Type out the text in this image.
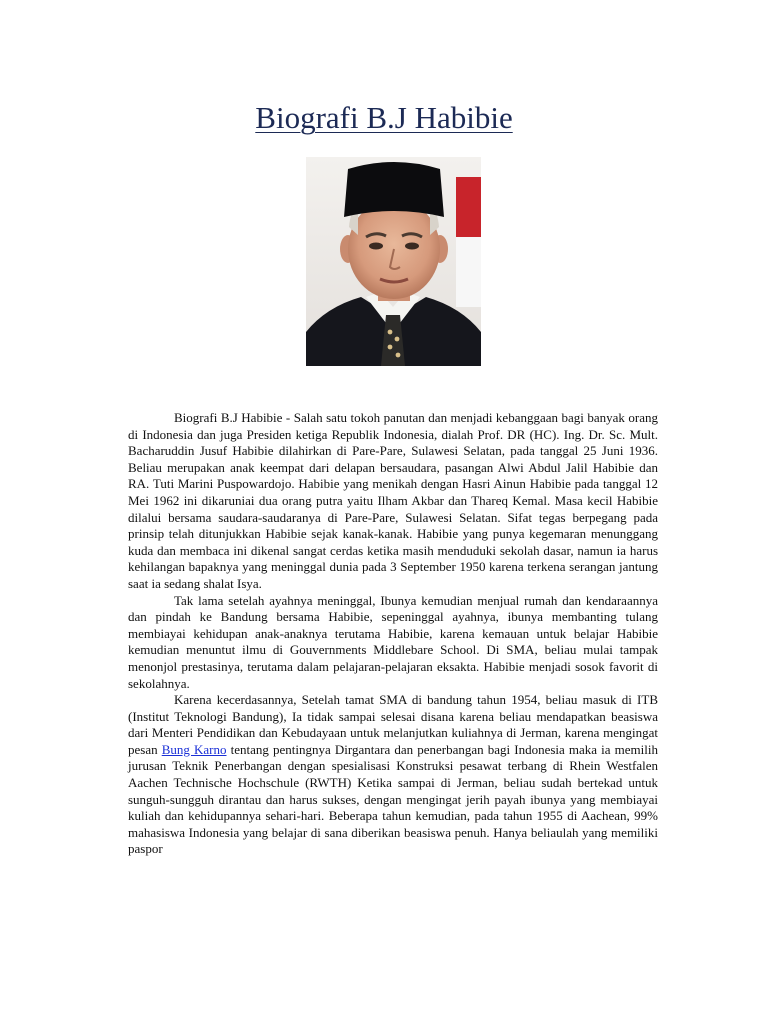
Biografi B.J Habibie

Biografi B.J Habibie - Salah satu tokoh panutan dan menjadi kebanggaan bagi banyak orang di Indonesia dan juga Presiden ketiga Republik Indonesia, dialah Prof. DR (HC). Ing. Dr. Sc. Mult. Bacharuddin Jusuf Habibie dilahirkan di Pare-Pare, Sulawesi Selatan, pada tanggal 25 Juni 1936. Beliau merupakan anak keempat dari delapan bersaudara, pasangan Alwi Abdul Jalil Habibie dan RA. Tuti Marini Puspowardojo. Habibie yang menikah dengan Hasri Ainun Habibie pada tanggal 12 Mei 1962 ini dikaruniai dua orang putra yaitu Ilham Akbar dan Thareq Kemal. Masa kecil Habibie dilalui bersama saudara-saudaranya di Pare-Pare, Sulawesi Selatan. Sifat tegas berpegang pada prinsip telah ditunjukkan Habibie sejak kanak-kanak. Habibie yang punya kegemaran menunggang kuda dan membaca ini dikenal sangat cerdas ketika masih menduduki sekolah dasar, namun ia harus kehilangan bapaknya yang meninggal dunia pada 3 September 1950 karena terkena serangan jantung saat ia sedang shalat Isya.

Tak lama setelah ayahnya meninggal, Ibunya kemudian menjual rumah dan kendaraannya dan pindah ke Bandung bersama Habibie, sepeninggal ayahnya, ibunya membanting tulang membiayai kehidupan anak-anaknya terutama Habibie, karena kemauan untuk belajar Habibie kemudian menuntut ilmu di Gouvernments Middlebare School. Di SMA, beliau mulai tampak menonjol prestasinya, terutama dalam pelajaran-pelajaran eksakta. Habibie menjadi sosok favorit di sekolahnya.

Karena kecerdasannya, Setelah tamat SMA di bandung tahun 1954, beliau masuk di ITB (Institut Teknologi Bandung), Ia tidak sampai selesai disana karena beliau mendapatkan beasiswa dari Menteri Pendidikan dan Kebudayaan untuk melanjutkan kuliahnya di Jerman, karena mengingat pesan Bung Karno tentang pentingnya Dirgantara dan penerbangan bagi Indonesia maka ia memilih jurusan Teknik Penerbangan dengan spesialisasi Konstruksi pesawat terbang di Rhein Westfalen Aachen Technische Hochschule (RWTH) Ketika sampai di Jerman, beliau sudah bertekad untuk sunguh-sungguh dirantau dan harus sukses, dengan mengingat jerih payah ibunya yang membiayai kuliah dan kehidupannya sehari-hari. Beberapa tahun kemudian, pada tahun 1955 di Aachean, 99% mahasiswa Indonesia yang belajar di sana diberikan beasiswa penuh. Hanya beliaulah yang memiliki paspor
